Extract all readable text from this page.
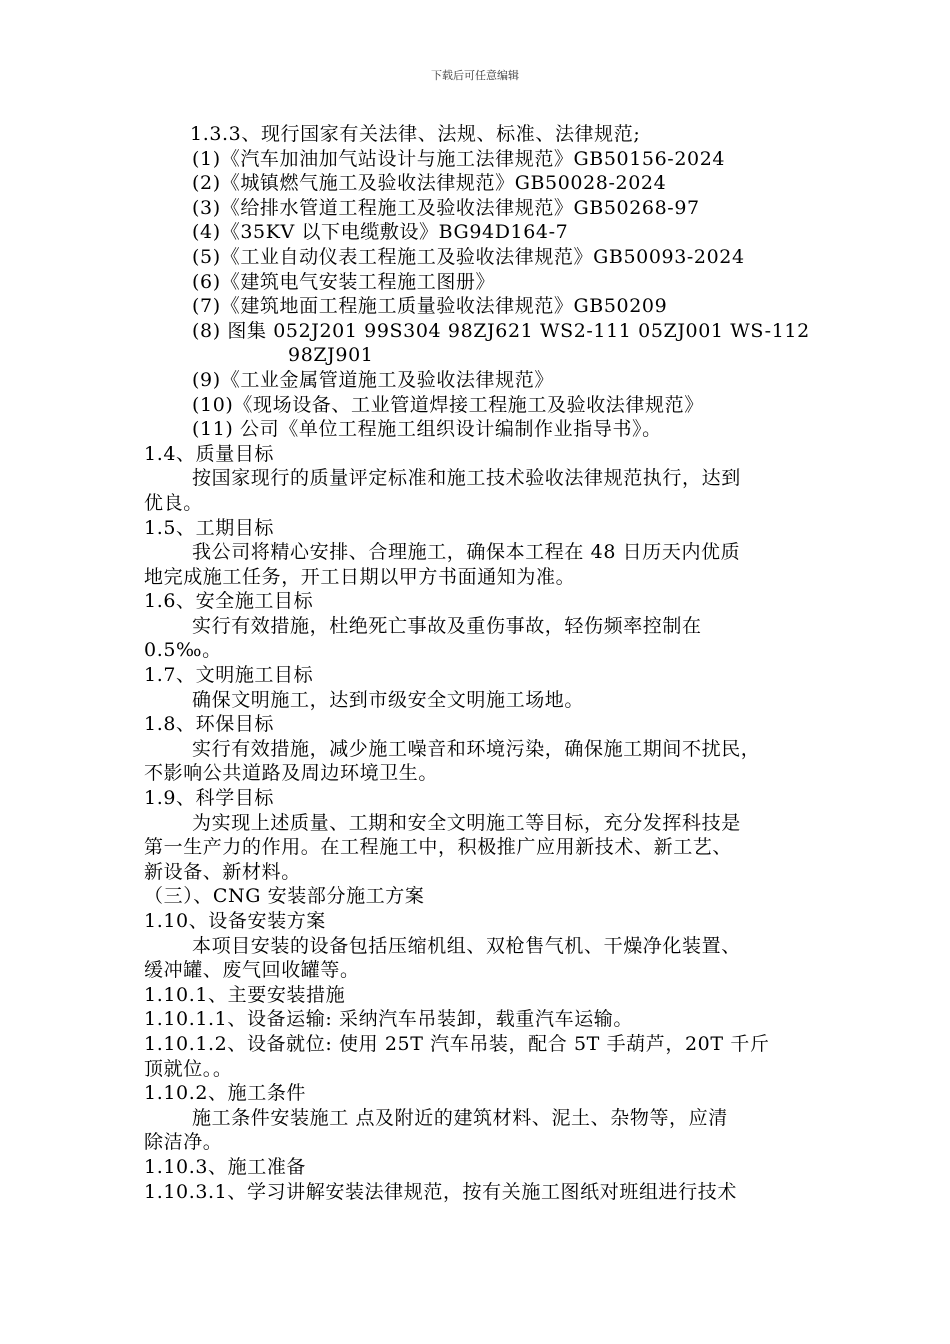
下载后可任意编辑
1.3.3、现行国家有关法律、法规、标准、法律规范;
(1)《汽车加油加气站设计与施工法律规范》GB50156-2024
(2)《城镇燃气施工及验收法律规范》GB50028-2024
(3)《给排水管道工程施工及验收法律规范》GB50268-97
(4)《35KV 以下电缆敷设》BG94D164-7
(5)《工业自动仪表工程施工及验收法律规范》GB50093-2024
(6)《建筑电气安装工程施工图册》
(7)《建筑地面工程施工质量验收法律规范》GB50209
(8) 图集 052J201 99S304 98ZJ621 WS2-111 05ZJ001 WS-112
98ZJ901
(9)《工业金属管道施工及验收法律规范》
(10)《现场设备、工业管道焊接工程施工及验收法律规范》
(11) 公司《单位工程施工组织设计编制作业指导书》。
1.4、质量目标
按国家现行的质量评定标准和施工技术验收法律规范执行，达到
优良。
1.5、工期目标
我公司将精心安排、合理施工，确保本工程在 48 日历天内优质
地完成施工任务，开工日期以甲方书面通知为准。
1.6、安全施工目标
实行有效措施，杜绝死亡事故及重伤事故，轻伤频率控制在
0.5‰。
1.7、文明施工目标
确保文明施工，达到市级安全文明施工场地。
1.8、环保目标
实行有效措施，减少施工噪音和环境污染，确保施工期间不扰民，
不影响公共道路及周边环境卫生。
1.9、科学目标
为实现上述质量、工期和安全文明施工等目标，充分发挥科技是
第一生产力的作用。在工程施工中，积极推广应用新技术、新工艺、
新设备、新材料。
（三）、CNG 安装部分施工方案
1.10、设备安装方案
本项目安装的设备包括压缩机组、双枪售气机、干燥净化装置、
缓冲罐、废气回收罐等。
1.10.1、主要安装措施
1.10.1.1、设备运输: 采纳汽车吊装卸，载重汽车运输。
1.10.1.2、设备就位: 使用 25T 汽车吊装，配合 5T 手葫芦，20T 千斤
顶就位。。
1.10.2、施工条件
施工条件安装施工 点及附近的建筑材料、泥土、杂物等，应清
除洁净。
1.10.3、施工准备
1.10.3.1、学习讲解安装法律规范，按有关施工图纸对班组进行技术
